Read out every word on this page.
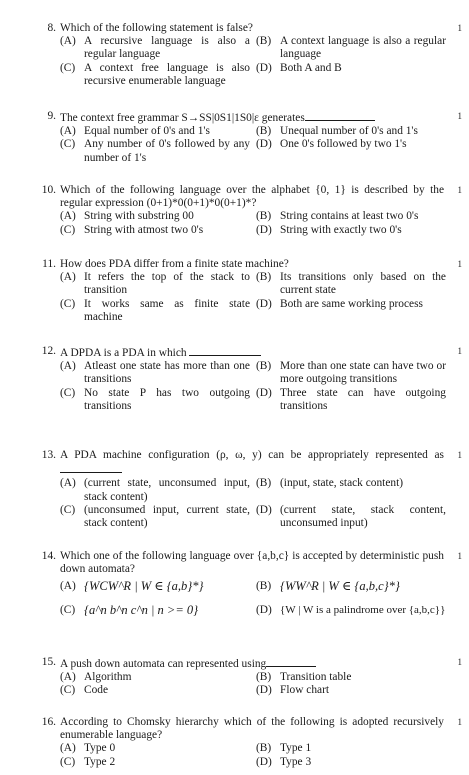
8. Which of the following statement is false?	1
(A) A recursive language is also a regular language
(B) A context language is also a regular language
(C) A context free language is also recursive enumerable language
(D) Both A and B
9. The context free grammar S→SS|0S1|1S0|ε generates	1
(A) Equal number of 0's and 1's	(B) Unequal number of 0's and 1's
(C) Any number of 0's followed by any number of 1's
(D) One 0's followed by two 1's
10. Which of the following language over the alphabet {0, 1} is described by the regular expression (0+1)*0(0+1)*0(0+1)*?
1
(A) String with substring 00	(B) String contains at least two 0's
(C) String with atmost two 0's	(D) String with exactly two 0's
11. How does PDA differ from a finite state machine?	1
(A) It refers the top of the stack to transition
(B) Its transitions only based on the current state
(C) It works same as finite state machine
(D) Both are same working process
12. A DPDA is a PDA in which	1
(A) Atleast one state has more than one transitions
(B) More than one state can have two or more outgoing transitions
(C) No state P has two outgoing transitions
(D) Three state can have outgoing transitions
13. A PDA machine configuration (ρ, ω, y) can be appropriately represented as 1
(A) (current state, unconsumed input, stack content)
(B) (input, state, stack content)
(C) (unconsumed input, current state, stack content)
(D) (current state, stack content, unconsumed input)
14. Which one of the following language over {a,b,c} is accepted by deterministic push down automata?
1
(A) {WCW^R | W ∈ {a,b}*}	(B) {WW^R | W ∈ {a,b,c}*}
(C) {a^n b^n c^n | n >= 0}	(D) {W | W is a palindrome over {a,b,c}}
15. A push down automata can represented using	1
(A) Algorithm	(B) Transition table
(C) Code	(D) Flow chart
16. According to Chomsky hierarchy which of the following is adopted recursively enumerable language?
1
(A) Type 0	(B) Type 1
(C) Type 2	(D) Type 3
